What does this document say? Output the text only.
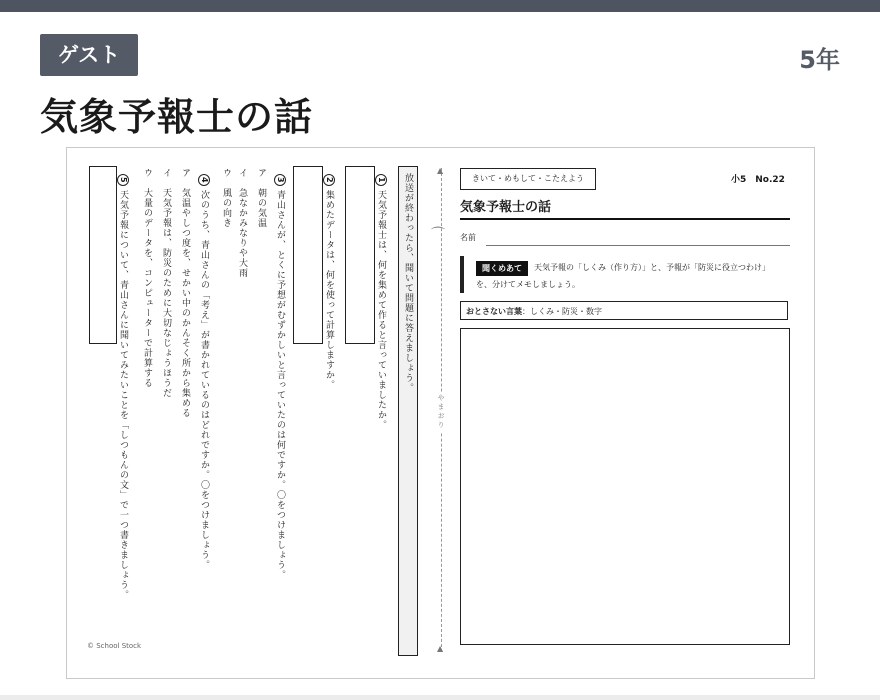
ゲスト	5年
気象予報士の話
5 天気予報について、青山さんに聞いてみたいことを「しつもんの文」で一つ書きましょう。
ウ　大量のデータを、コンピューターで計算する
イ　天気予報は、防災のために大切なじょうほうだ
ア　気温やしつ度を、せかい中のかんそく所から集める
4 次のうち、青山さんの「考え」が書かれているのはどれですか。〇をつけましょう。
ウ　風の向き
イ　急なかみなりや大雨
ア　朝の気温
3 青山さんが、とくに予想がむずかしいと言っていたのは何ですか。〇をつけましょう。
2 集めたデータは、何を使って計算しますか。
1 天気予報士は、何を集めて作ると言っていましたか。 放送が終わったら、聞いて問題に答えましょう。
▲
▲
⌒
やまおり
© School Stock
きいて・めもして・こたえよう	小5　No.22
気象予報士の話
名前
聞くめあて	天気予報の「しくみ（作り方）」と、予報が「防災に役立つわけ」
を、分けてメモしましょう。
おとさない言葉：しくみ・防災・数字
